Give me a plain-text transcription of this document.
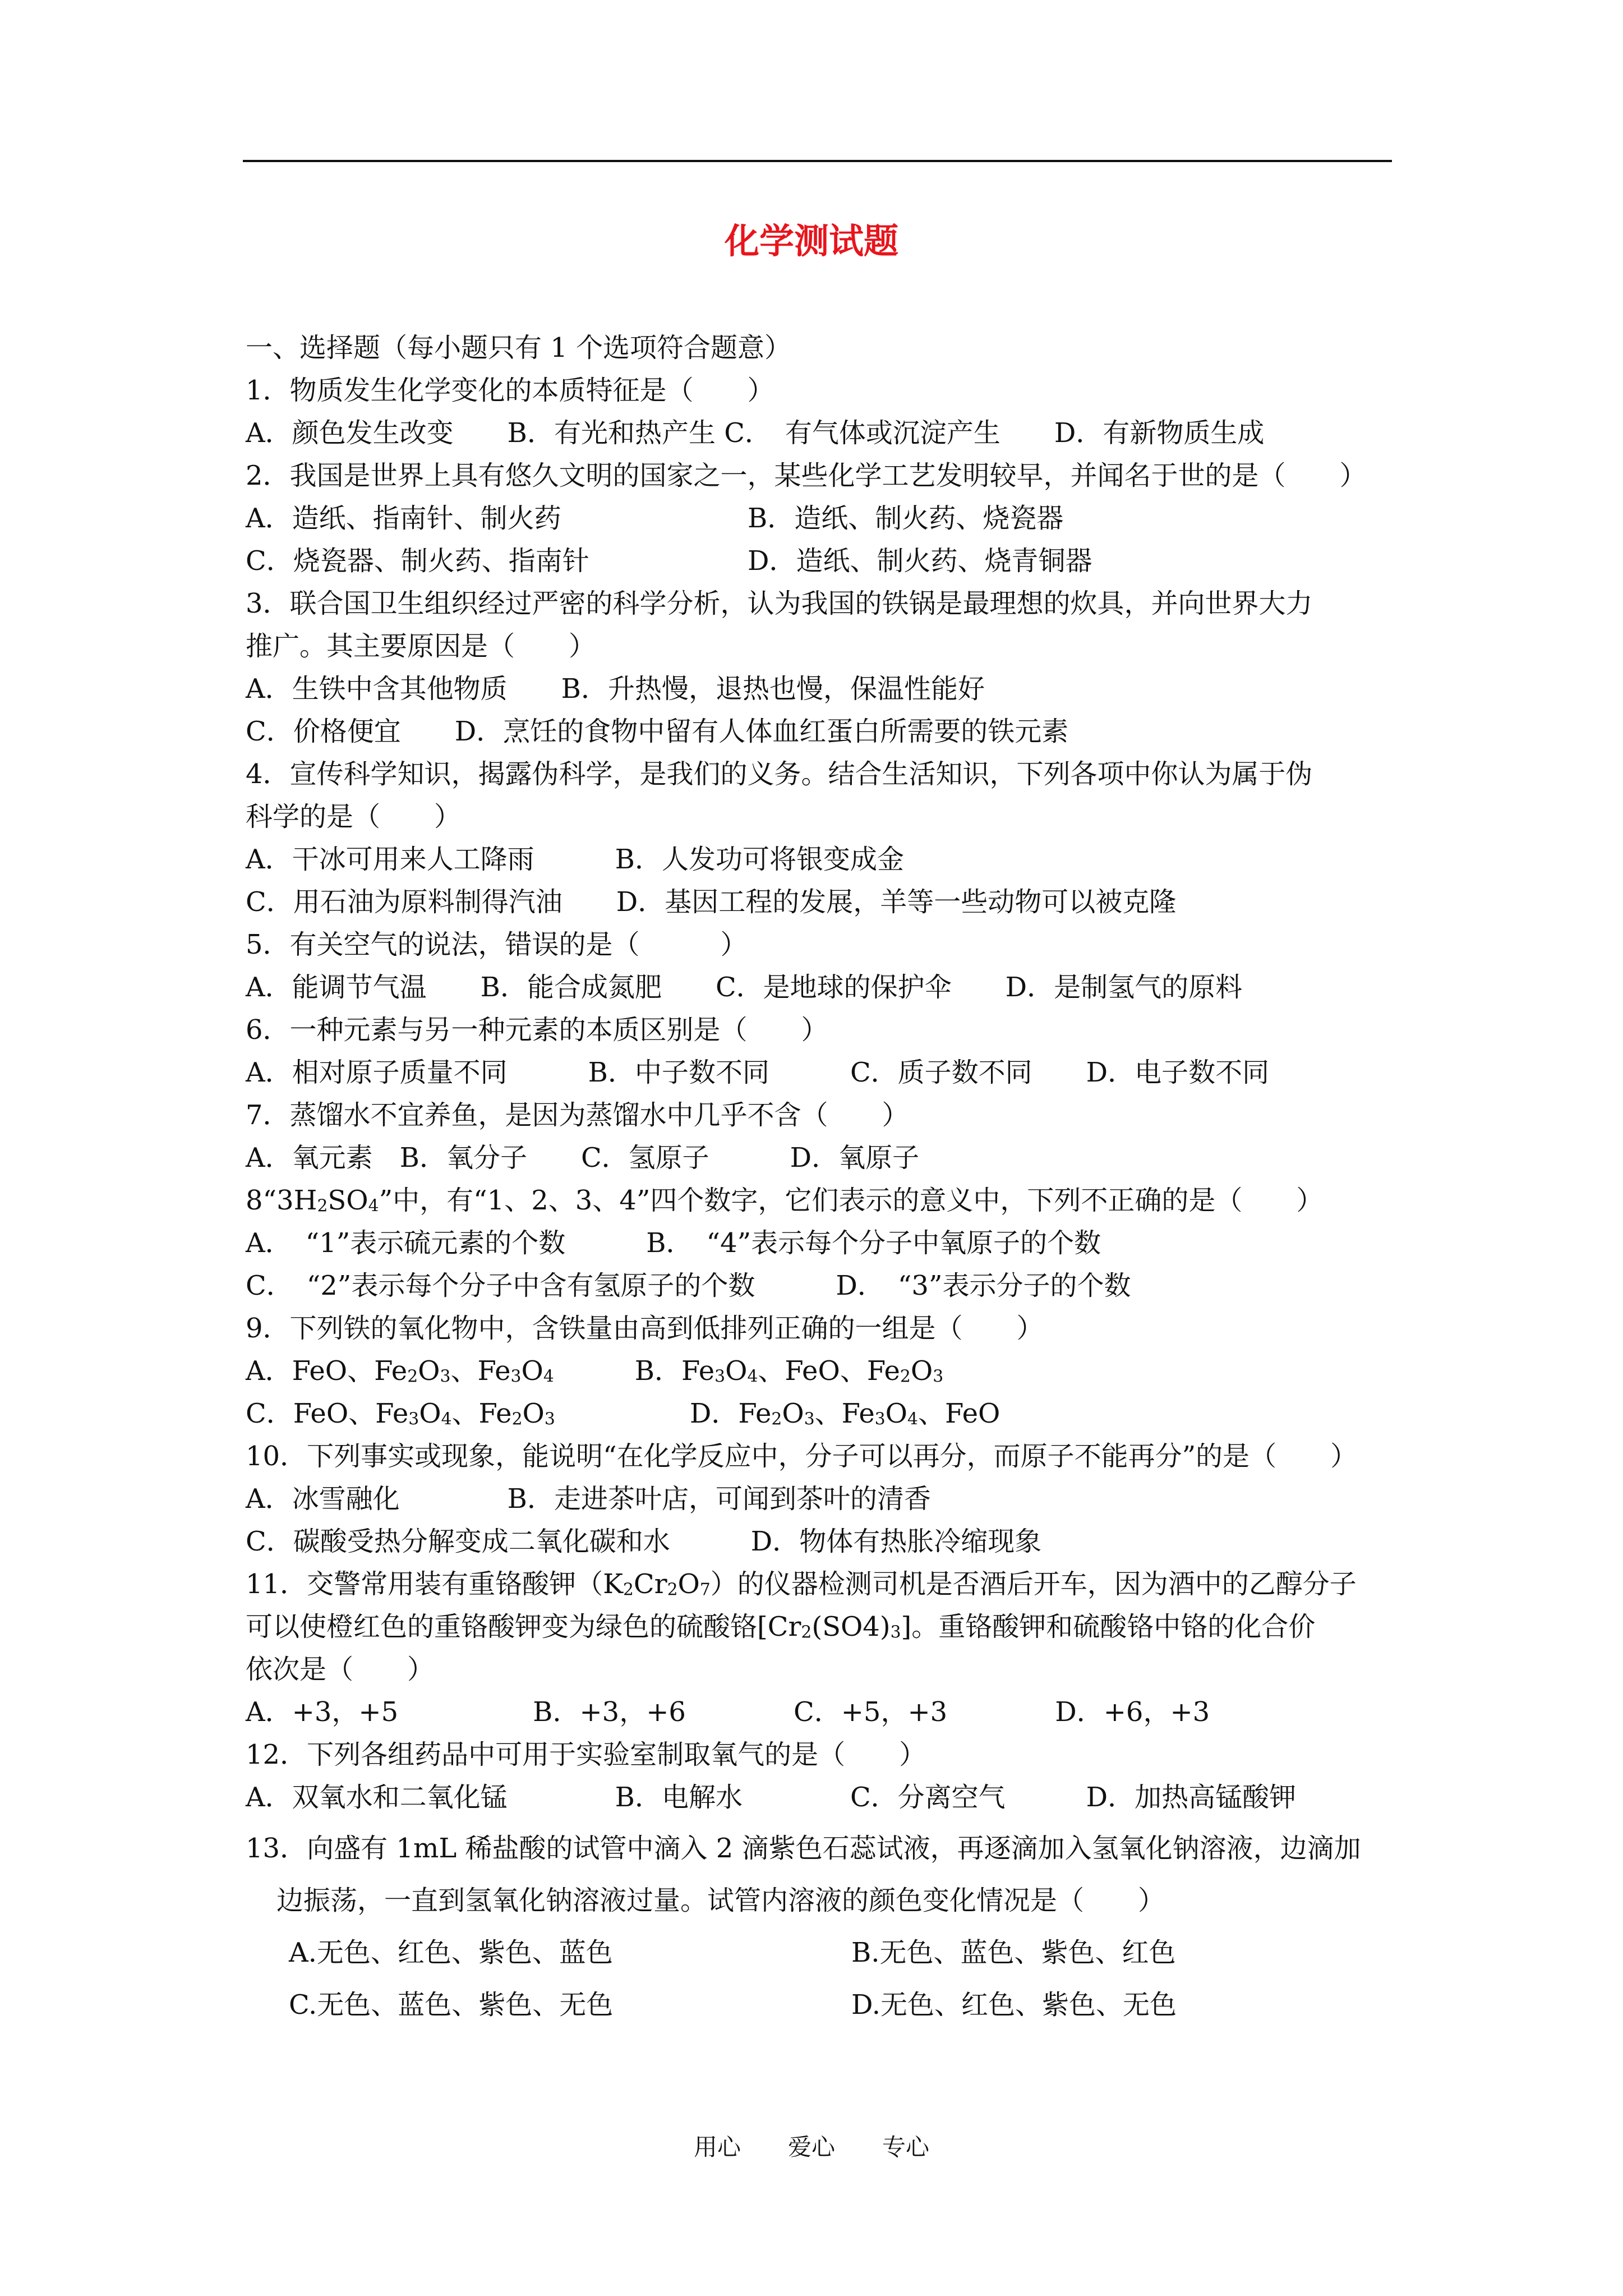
化学测试题
一、选择题（每小题只有 1 个选项符合题意）
1．物质发生化学变化的本质特征是（　　）
A．颜色发生改变　　B．有光和热产生 C．　有气体或沉淀产生　　D．有新物质生成
2．我国是世界上具有悠久文明的国家之一，某些化学工艺发明较早，并闻名于世的是（　　）
A．造纸、指南针、制火药	B．造纸、制火药、烧瓷器
C．烧瓷器、制火药、指南针	D．造纸、制火药、烧青铜器
3．联合国卫生组织经过严密的科学分析，认为我国的铁锅是最理想的炊具，并向世界大力
推广。其主要原因是（　　）
A．生铁中含其他物质　　B．升热慢，退热也慢，保温性能好
C．价格便宜　　D．烹饪的食物中留有人体血红蛋白所需要的铁元素
4．宣传科学知识，揭露伪科学，是我们的义务。结合生活知识，下列各项中你认为属于伪
科学的是（　　）
A．干冰可用来人工降雨　　　B．人发功可将银变成金
C．用石油为原料制得汽油　　D．基因工程的发展，羊等一些动物可以被克隆
5．有关空气的说法，错误的是（　　　）
A．能调节气温　　B．能合成氮肥　　C．是地球的保护伞　　D．是制氢气的原料
6．一种元素与另一种元素的本质区别是（　　）
A．相对原子质量不同　　　B．中子数不同　　　C．质子数不同　　D．电子数不同
7．蒸馏水不宜养鱼，是因为蒸馏水中几乎不含（　　）
A．氧元素　B．氧分子　　C．氢原子　　　D．氧原子
$8“3H_2SO_4$”中，有“1、2、3、4”四个数字，它们表示的意义中，下列不正确的是（　　）
A．　“1”表示硫元素的个数　　　B．　“4”表示每个分子中氧原子的个数
C．　“2”表示每个分子中含有氢原子的个数　　　D．　“3”表示分子的个数
9．下列铁的氧化物中，含铁量由高到低排列正确的一组是（　　）
A．FeO、$Fe_2O_3$、$Fe_3O_4$　　　B．$Fe_3O_4$、FeO、$Fe_2O_3$
C．FeO、$Fe_3O_4$、$Fe_2O_3$　　　　　D．$Fe_2O_3$、$Fe_3O_4$、FeO
10．下列事实或现象，能说明“在化学反应中，分子可以再分，而原子不能再分”的是（　　）
A．冰雪融化　　　　B．走进茶叶店，可闻到茶叶的清香
C．碳酸受热分解变成二氧化碳和水　　　D．物体有热胀冷缩现象
11．交警常用装有重铬酸钾$(K_2Cr_2O_7)$的仪器检测司机是否酒后开车，因为酒中的乙醇分子
可以使橙红色的重铬酸钾变为绿色的硫酸铬$[Cr_2(SO4)_3]$。重铬酸钾和硫酸铬中铬的化合价
依次是（　　）
A．+3，+5　　　　　B．+3，+6　　　　C．+5，+3　　　　D．+6，+3
12．下列各组药品中可用于实验室制取氧气的是（　　）
A．双氧水和二氧化锰　　　　B．电解水　　　　C．分离空气　　　D．加热高锰酸钾
13．向盛有 1mL 稀盐酸的试管中滴入 2 滴紫色石蕊试液，再逐滴加入氢氧化钠溶液，边滴加
边振荡，一直到氢氧化钠溶液过量。试管内溶液的颜色变化情况是（　　）
A.无色、红色、紫色、蓝色	B.无色、蓝色、紫色、红色
C.无色、蓝色、紫色、无色	D.无色、红色、紫色、无色
用心　　爱心　　专心
